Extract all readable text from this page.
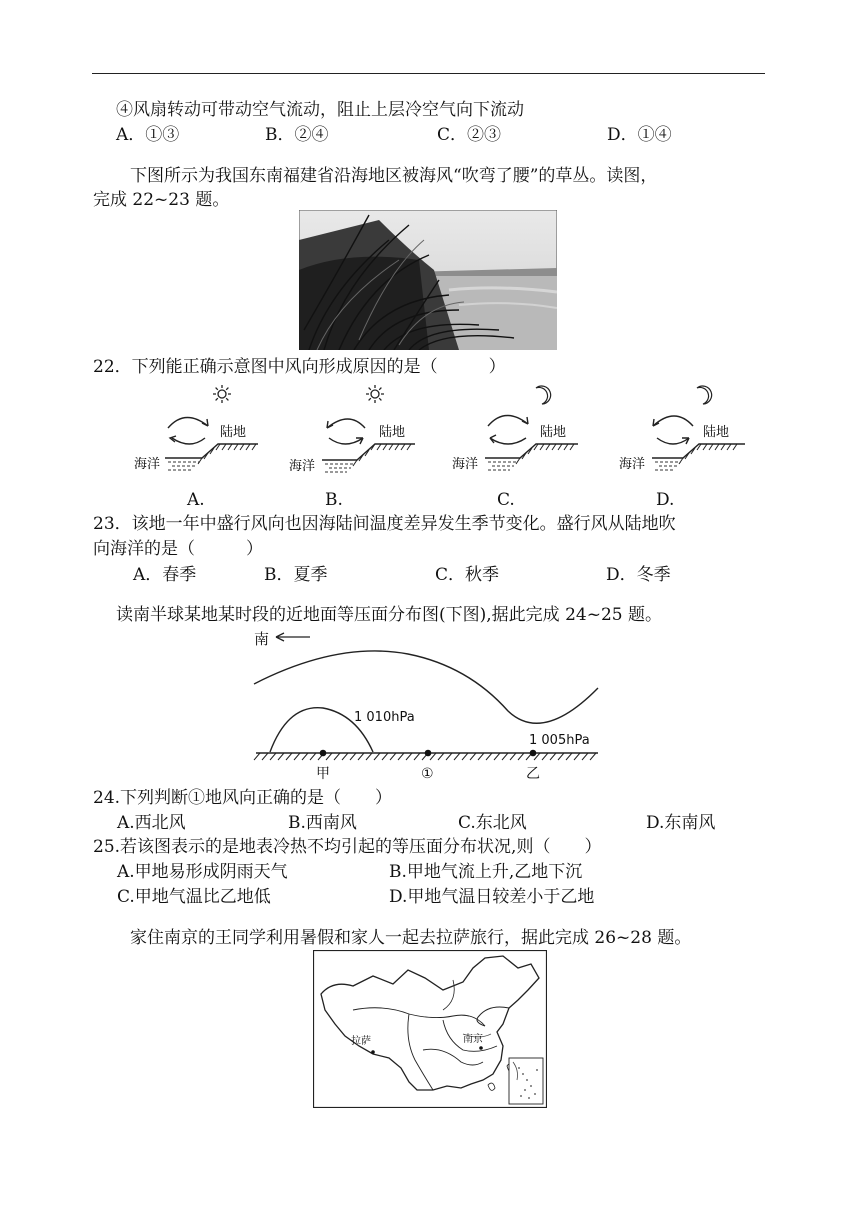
④风扇转动可带动空气流动，阻止上层冷空气向下流动
A．①③	B．②④	C．②③	D．①④
下图所示为我国东南福建省沿海地区被海风“吹弯了腰”的草丛。读图，
完成 22~23 题。
22．下列能正确示意图中风向形成原因的是（　　　）
陆地
海洋
陆地
海洋
陆地
海洋
陆地
海洋
A.	B.	C.	D.
23．该地一年中盛行风向也因海陆间温度差异发生季节变化。盛行风从陆地吹
向海洋的是（　　　）
A．春季	B．夏季	C．秋季	D．冬季
读南半球某地某时段的近地面等压面分布图(下图),据此完成 24~25 题。
南
1 010hPa
1 005hPa
甲	①	乙
24.下列判断①地风向正确的是（　　）
A.西北风	B.西南风	C.东北风	D.东南风
25.若该图表示的是地表冷热不均引起的等压面分布状况,则（　　）
A.甲地易形成阴雨天气	B.甲地气流上升,乙地下沉
C.甲地气温比乙地低	D.甲地气温日较差小于乙地
家住南京的王同学利用暑假和家人一起去拉萨旅行，据此完成 26~28 题。
拉萨	南京
